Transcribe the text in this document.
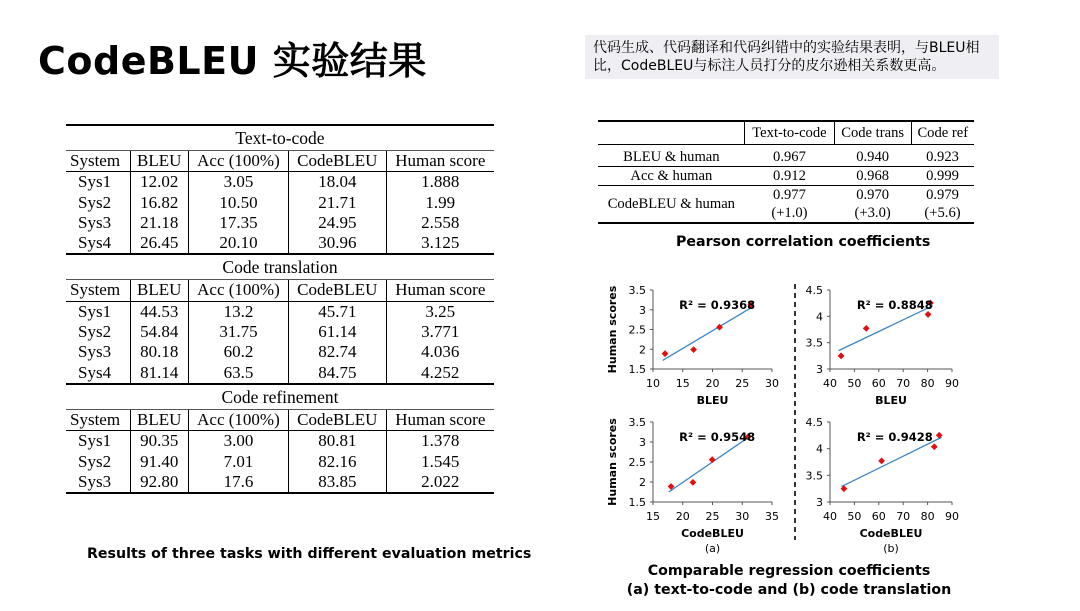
CodeBLEU 实验结果	代码生成、代码翻译和代码纠错中的实验结果表明，与BLEU相比，CodeBLEU与标注人员打分的皮尔逊相关系数更高。
Text-to-code				
System	BLEU	Acc (100%)	CodeBLEU	Human score
Sys1	12.02	3.05	18.04	1.888
Sys2	16.82	10.50	21.71	1.99
Sys3	21.18	17.35	24.95	2.558
Sys4	26.45	20.10	30.96	3.125
Code translation				
System	BLEU	Acc (100%)	CodeBLEU	Human score
Sys1	44.53	13.2	45.71	3.25
Sys2	54.84	31.75	61.14	3.771
Sys3	80.18	60.2	82.74	4.036
Sys4	81.14	63.5	84.75	4.252
Code refinement				
System	BLEU	Acc (100%)	CodeBLEU	Human score
Sys1	90.35	3.00	80.81	1.378
Sys2	91.40	7.01	82.16	1.545
Sys3	92.80	17.6	83.85	2.022
Results of three tasks with different evaluation metrics
	Text-to-code	Code trans	Code ref
BLEU & human	0.967	0.940	0.923
Acc & human	0.912	0.968	0.999
CodeBLEU & human	0.977	0.970	0.979
	(+1.0)	(+3.0)	(+5.6)
Pearson correlation coefficients
1.5
2
2.5
3
3.5
10 15 20 25 30
BLEU
Human scores	R² = 0.9368
3
3.5
4
4.5
40 50 60 70 80 90
BLEU
R² = 0.8848
1.5
2
2.5
3
3.5
15 20 25 30 35
CodeBLEU
Human scores	R² = 0.9548
(a)
3
3.5
4
4.5
40 50 60 70 80 90
CodeBLEU
R² = 0.9428
(b)
Comparable regression coefficients
(a) text-to-code and (b) code translation
